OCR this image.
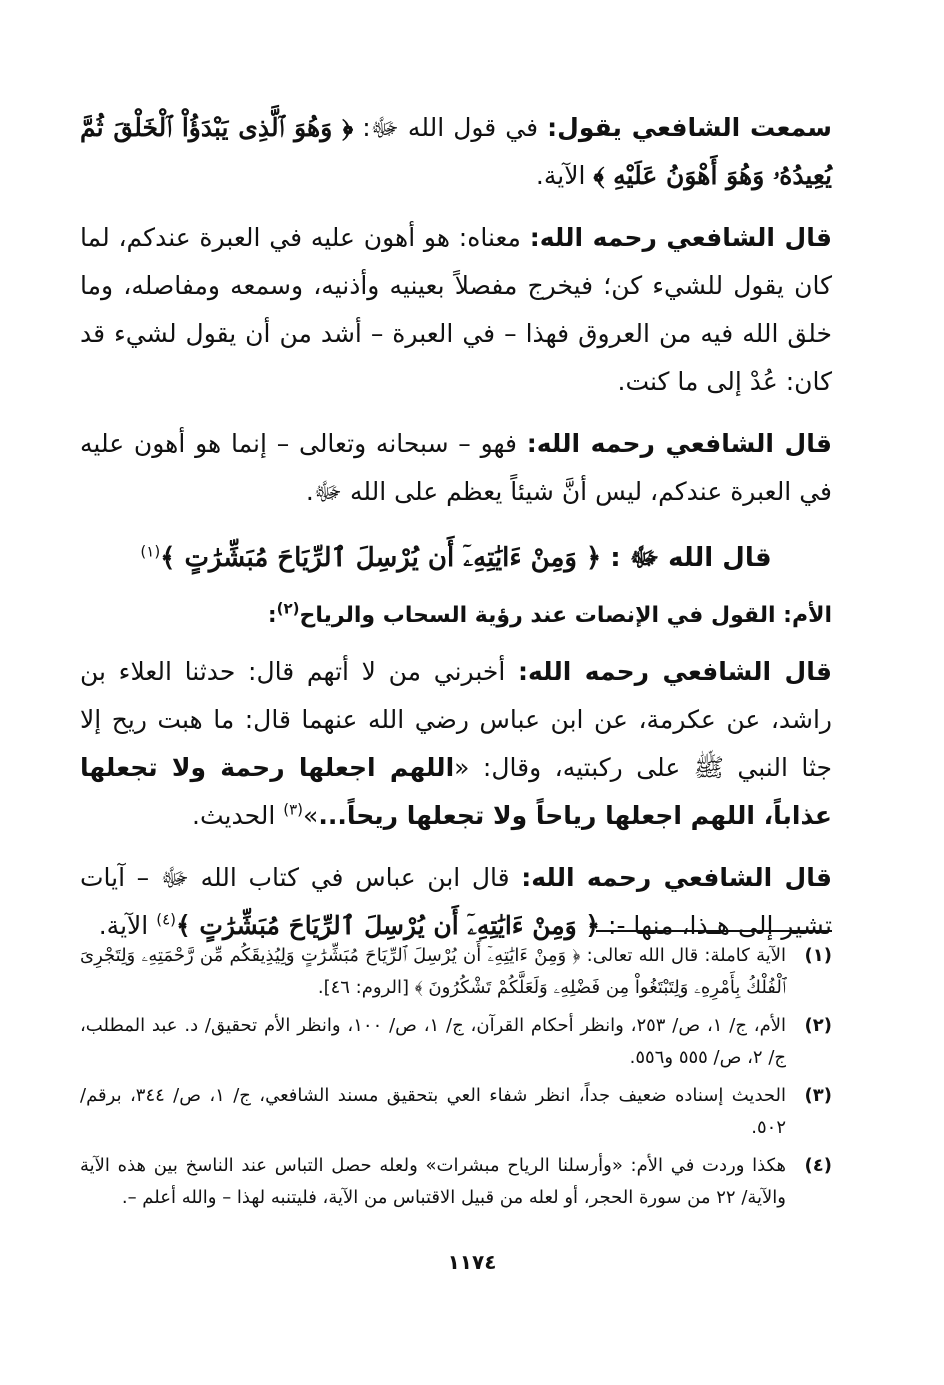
سمعت الشافعي يقول: في قول الله ﷻ: ﴿ وَهُوَ ٱلَّذِى يَبْدَؤُاْ ٱلْخَلْقَ ثُمَّ يُعِيدُهُۥ وَهُوَ أَهْوَنُ عَلَيْهِ ﴾ الآية.

قال الشافعي رحمه الله: معناه: هو أهون عليه في العبرة عندكم، لما كان يقول للشيء كن؛ فيخرج مفصلاً بعينيه وأذنيه، وسمعه ومفاصله، وما خلق الله فيه من العروق فهذا – في العبرة – أشد من أن يقول لشيء قد كان: عُدْ إلى ما كنت.

قال الشافعي رحمه الله: فهو – سبحانه وتعالى – إنما هو أهون عليه في العبرة عندكم، ليس أنَّ شيئاً يعظم على الله ﷻ.

قال الله ﷻ : ﴿ وَمِنْ ءَايَٰتِهِۦٓ أَن يُرْسِلَ ٱلرِّيَاحَ مُبَشِّرَٰتٍ ﴾$^{(١)}$

الأم: القول في الإنصات عند رؤية السحاب والرياح$^{(٢)}$:

قال الشافعي رحمه الله: أخبرني من لا أتهم قال: حدثنا العلاء بن راشد، عن عكرمة، عن ابن عباس رضي الله عنهما قال: ما هبت ريح إلا جثا النبي ﷺ على ركبتيه، وقال: «اللهم اجعلها رحمة ولا تجعلها عذاباً، اللهم اجعلها رياحاً ولا تجعلها ريحاً...»$^{(٣)}$ الحديث.

قال الشافعي رحمه الله: قال ابن عباس في كتاب الله ﷻ – آيات تشير إلى هـذا، منها -: ﴿ وَمِنْ ءَايَٰتِهِۦٓ أَن يُرْسِلَ ٱلرِّيَاحَ مُبَشِّرَٰتٍ ﴾$^{(٤)}$ الآية.

(١)
الآية كاملة: قال الله تعالى: ﴿ وَمِنْ ءَايَٰتِهِۦٓ أَن يُرْسِلَ ٱلرِّيَاحَ مُبَشِّرَٰتٍ وَلِيُذِيقَكُم مِّن رَّحْمَتِهِۦ وَلِتَجْرِىَ ٱلْفُلْكُ بِأَمْرِهِۦ وَلِتَبْتَغُواْ مِن فَضْلِهِۦ وَلَعَلَّكُمْ تَشْكُرُونَ ﴾ [الروم: ٤٦].
(٢)
الأم، ج/ ١، ص/ ٢٥٣، وانظر أحكام القرآن، ج/ ١، ص/ ١٠٠، وانظر الأم تحقيق/ د. عبد المطلب، ج/ ٢، ص/ ٥٥٥ و٥٥٦.
(٣)
الحديث إسناده ضعيف جداً، انظر شفاء العي بتحقيق مسند الشافعي، ج/ ١، ص/ ٣٤٤، برقم/ ٥٠٢.
(٤)
هكذا وردت في الأم: «وأرسلنا الرياح مبشرات» ولعله حصل التباس عند الناسخ بين هذه الآية والآية/ ٢٢ من سورة الحجر، أو لعله من قبيل الاقتباس من الآية، فليتنبه لهذا – والله أعلم –.
١١٧٤
